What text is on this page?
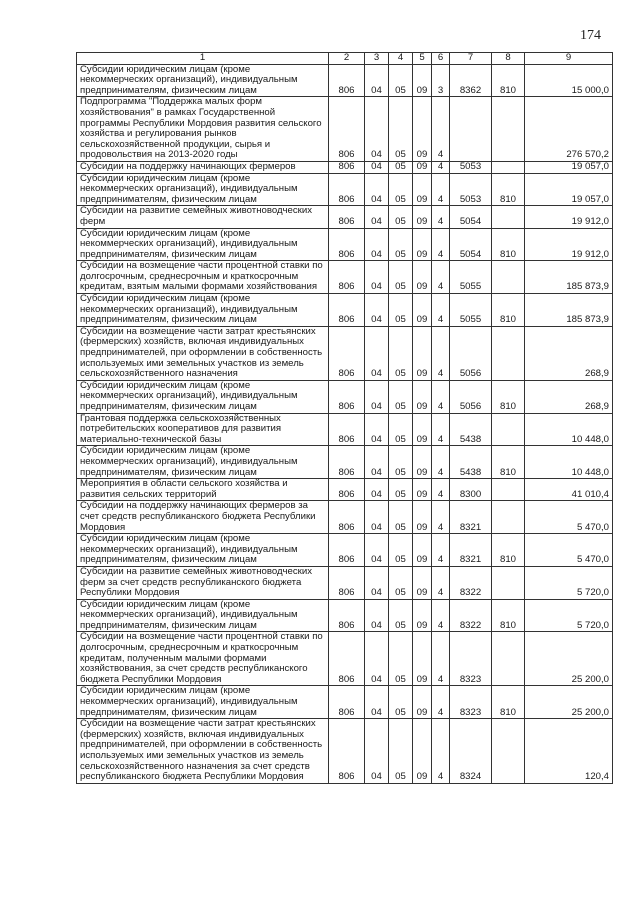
174
1	2	3	4	5	6	7	8	9
Субсидии юридическим лицам (кроме некоммерческих организаций), индивидуальным предпринимателям, физическим лицам	806	04	05	09	3	8362	810	15 000,0
Подпрограмма "Поддержка малых форм хозяйствования" в рамках Государственной программы Республики Мордовия развития сельского хозяйства и регулирования рынков сельскохозяйственной продукции, сырья и продовольствия на 2013-2020 годы	806	04	05	09	4			276 570,2
Субсидии на поддержку начинающих фермеров	806	04	05	09	4	5053		19 057,0
Субсидии юридическим лицам (кроме некоммерческих организаций), индивидуальным предпринимателям, физическим лицам	806	04	05	09	4	5053	810	19 057,0
Субсидии на развитие семейных животноводческих ферм	806	04	05	09	4	5054		19 912,0
Субсидии юридическим лицам (кроме некоммерческих организаций), индивидуальным предпринимателям, физическим лицам	806	04	05	09	4	5054	810	19 912,0
Субсидии на возмещение части процентной ставки по долгосрочным, среднесрочным и краткосрочным кредитам, взятым малыми формами хозяйствования	806	04	05	09	4	5055		185 873,9
Субсидии юридическим лицам (кроме некоммерческих организаций), индивидуальным предпринимателям, физическим лицам	806	04	05	09	4	5055	810	185 873,9
Субсидии на возмещение части затрат крестьянских (фермерских) хозяйств, включая индивидуальных предпринимателей, при оформлении в собственность используемых ими земельных участков из земель сельскохозяйственного назначения	806	04	05	09	4	5056		268,9
Субсидии юридическим лицам (кроме некоммерческих организаций), индивидуальным предпринимателям, физическим лицам	806	04	05	09	4	5056	810	268,9
Грантовая поддержка сельскохозяйственных потребительских кооперативов для развития материально-технической базы	806	04	05	09	4	5438		10 448,0
Субсидии юридическим лицам (кроме некоммерческих организаций), индивидуальным предпринимателям, физическим лицам	806	04	05	09	4	5438	810	10 448,0
Мероприятия в области сельского хозяйства и развития сельских территорий	806	04	05	09	4	8300		41 010,4
Субсидии на поддержку начинающих фермеров за счет средств республиканского бюджета Республики Мордовия	806	04	05	09	4	8321		5 470,0
Субсидии юридическим лицам (кроме некоммерческих организаций), индивидуальным предпринимателям, физическим лицам	806	04	05	09	4	8321	810	5 470,0
Субсидии на развитие семейных животноводческих ферм за счет средств республиканского бюджета Республики Мордовия	806	04	05	09	4	8322		5 720,0
Субсидии юридическим лицам (кроме некоммерческих организаций), индивидуальным предпринимателям, физическим лицам	806	04	05	09	4	8322	810	5 720,0
Субсидии на возмещение части процентной ставки по долгосрочным, среднесрочным и краткосрочным кредитам, полученным малыми формами хозяйствования, за счет средств республиканского бюджета Республики Мордовия	806	04	05	09	4	8323		25 200,0
Субсидии юридическим лицам (кроме некоммерческих организаций), индивидуальным предпринимателям, физическим лицам	806	04	05	09	4	8323	810	25 200,0
Субсидии на возмещение части затрат крестьянских (фермерских) хозяйств, включая индивидуальных предпринимателей, при оформлении в собственность используемых ими земельных участков из земель сельскохозяйственного назначения за счет средств республиканского бюджета Республики Мордовия	806	04	05	09	4	8324		120,4
